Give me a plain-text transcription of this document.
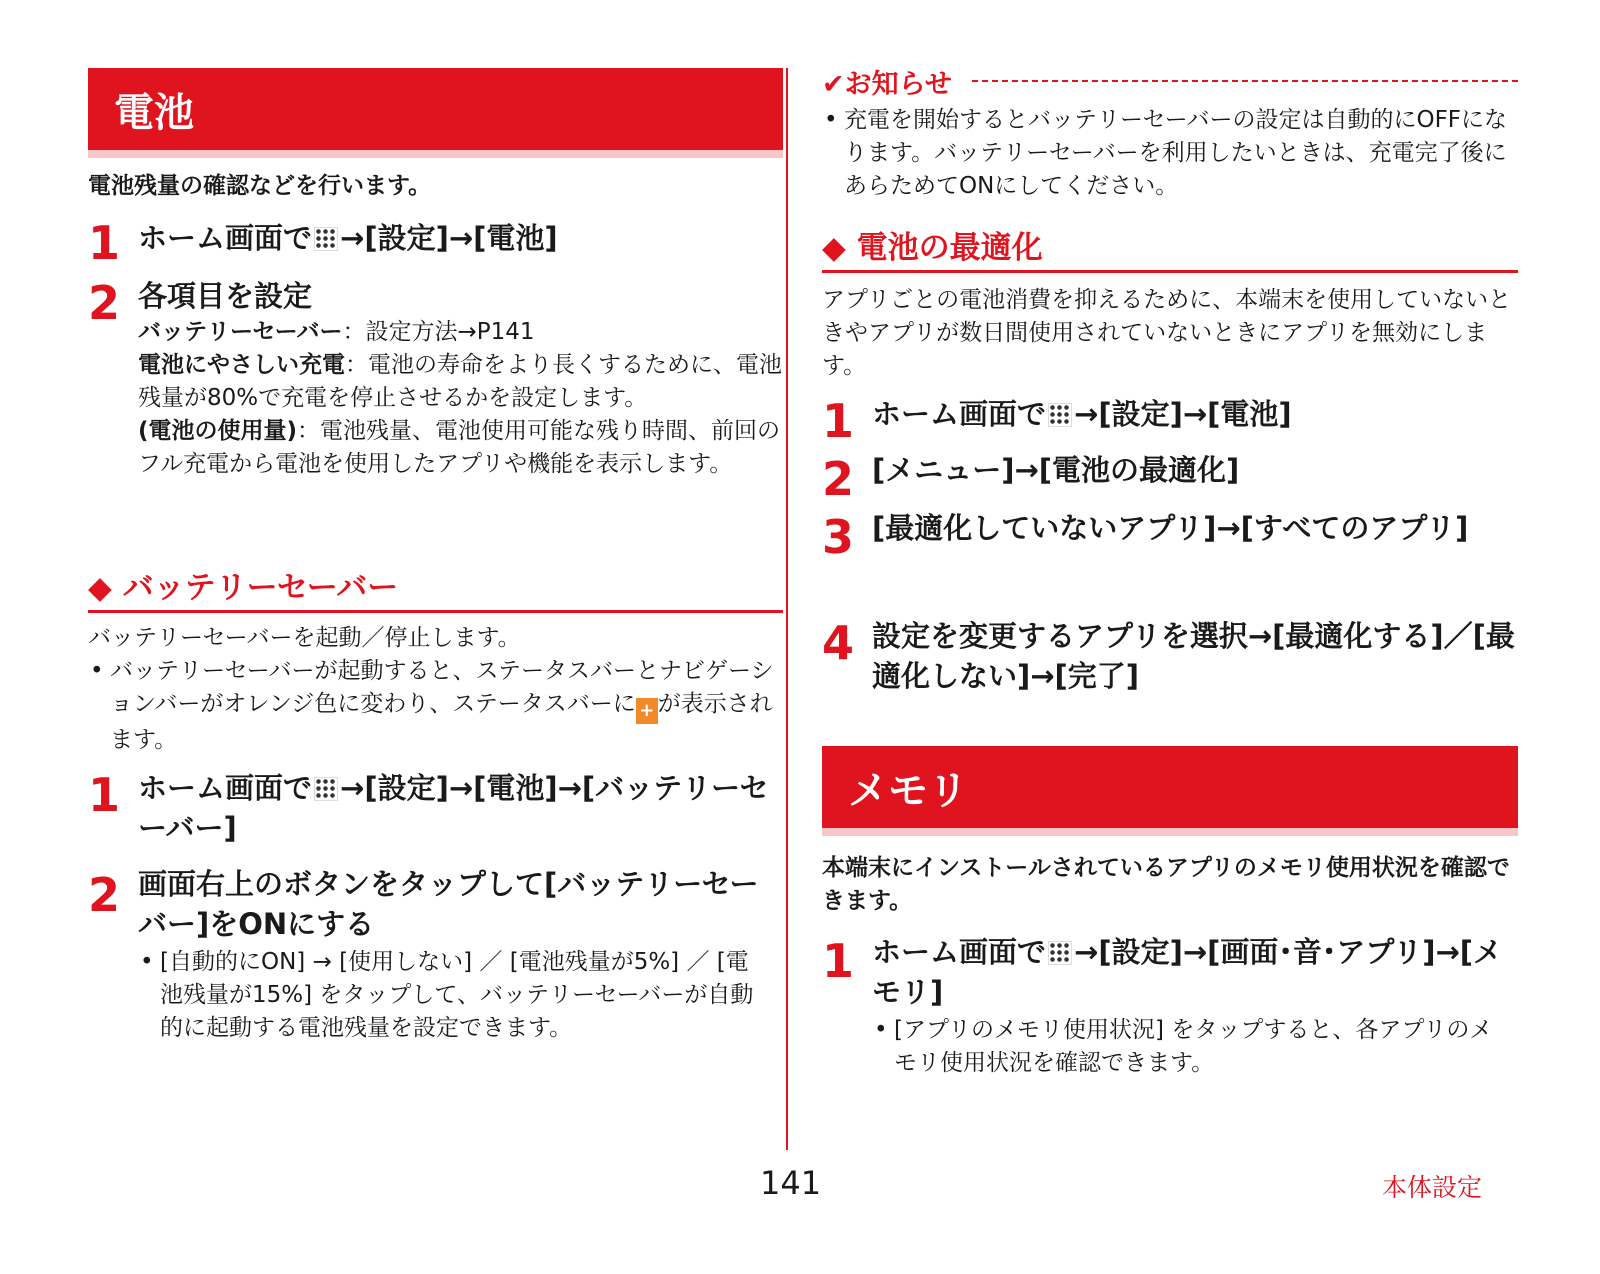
電池
電池残量の確認などを行います。
1 ホーム画面で →[設定]→[電池]
2 各項目を設定
バッテリーセーバー：設定方法→P141
電池にやさしい充電：電池の寿命をより長くするために、電池残量が80%で充電を停止させるかを設定します。
(電池の使用量)：電池残量、電池使用可能な残り時間、前回のフル充電から電池を使用したアプリや機能を表示します。
◆ バッテリーセーバー
バッテリーセーバーを起動／停止します。
• バッテリーセーバーが起動すると、ステータスバーとナビゲーションバーがオレンジ色に変わり、ステータスバーに + が表示されます。
1 ホーム画面で →[設定]→[電池]→[バッテリーセーバー]
2 画面右上のボタンをタップして[バッテリーセーバー]をONにする
• [自動的にON] → [使用しない] ／ [電池残量が5%] ／ [電池残量が15%] をタップして、バッテリーセーバーが自動的に起動する電池残量を設定できます。
✔お知らせ
• 充電を開始するとバッテリーセーバーの設定は自動的にOFFになります。バッテリーセーバーを利用したいときは、充電完了後にあらためてONにしてください。
◆ 電池の最適化
アプリごとの電池消費を抑えるために、本端末を使用していないときやアプリが数日間使用されていないときにアプリを無効にします。
1 ホーム画面で →[設定]→[電池]
2 [メニュー]→[電池の最適化]
3 [最適化していないアプリ]→[すべてのアプリ]
4 設定を変更するアプリを選択→[最適化する]／[最適化しない]→[完了]
メモリ
本端末にインストールされているアプリのメモリ使用状況を確認できます。
1 ホーム画面で →[設定]→[画面･音･アプリ]→[メモリ]
• [アプリのメモリ使用状況] をタップすると、各アプリのメモリ使用状況を確認できます。
141	本体設定
